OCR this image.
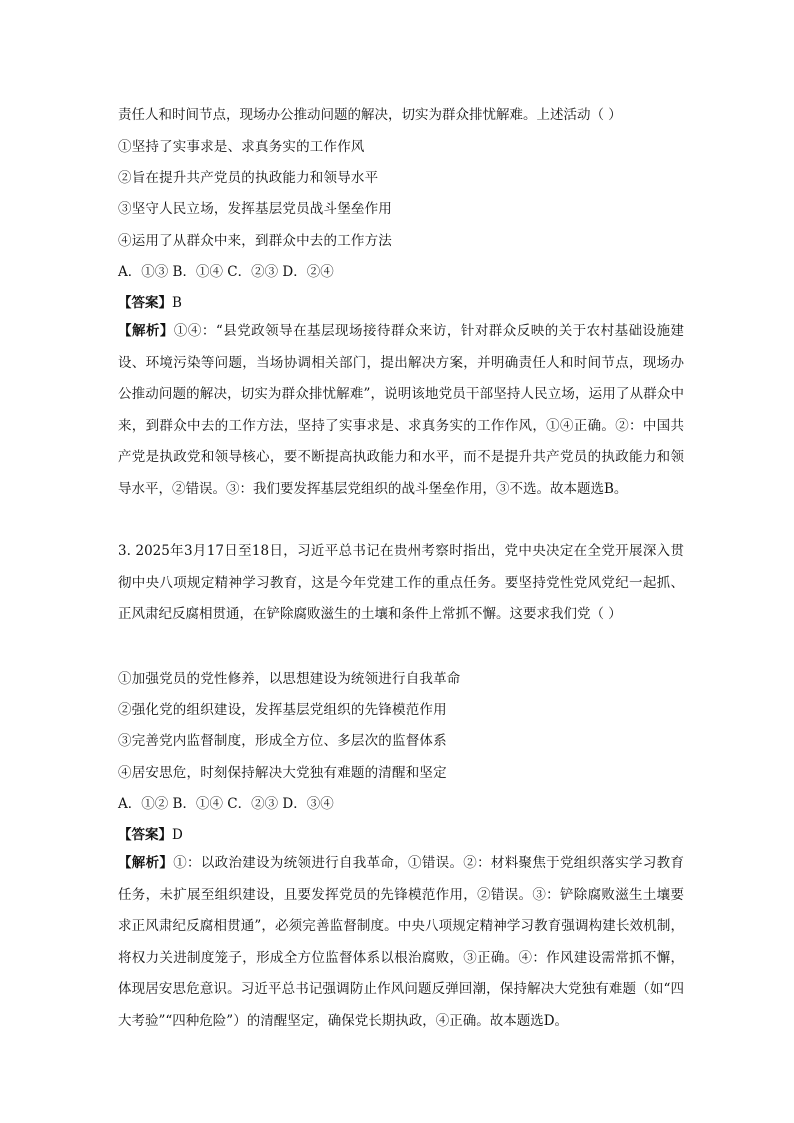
责任人和时间节点，现场办公推动问题的解决，切实为群众排忧解难。上述活动（ ）
①坚持了实事求是、求真务实的工作作风
②旨在提升共产党员的执政能力和领导水平
③坚守人民立场，发挥基层党员战斗堡垒作用
④运用了从群众中来，到群众中去的工作方法
A．①③ B．①④ C．②③ D．②④
【答案】B
【解析】①④：“县党政领导在基层现场接待群众来访，针对群众反映的关于农村基础设施建设、环境污染等问题，当场协调相关部门，提出解决方案，并明确责任人和时间节点，现场办公推动问题的解决，切实为群众排忧解难”，说明该地党员干部坚持人民立场，运用了从群众中来，到群众中去的工作方法，坚持了实事求是、求真务实的工作作风，①④正确。②：中国共产党是执政党和领导核心，要不断提高执政能力和水平，而不是提升共产党员的执政能力和领导水平，②错误。③：我们要发挥基层党组织的战斗堡垒作用，③不选。故本题选B。
3. 2025年3月17日至18日，习近平总书记在贵州考察时指出，党中央决定在全党开展深入贯彻中央八项规定精神学习教育，这是今年党建工作的重点任务。要坚持党性党风党纪一起抓、正风肃纪反腐相贯通，在铲除腐败滋生的土壤和条件上常抓不懈。这要求我们党（ ）
①加强党员的党性修养，以思想建设为统领进行自我革命
②强化党的组织建设，发挥基层党组织的先锋模范作用
③完善党内监督制度，形成全方位、多层次的监督体系
④居安思危，时刻保持解决大党独有难题的清醒和坚定
A．①② B．①④ C．②③ D．③④
【答案】D
【解析】①：以政治建设为统领进行自我革命，①错误。②：材料聚焦于党组织落实学习教育任务，未扩展至组织建设，且要发挥党员的先锋模范作用，②错误。③：铲除腐败滋生土壤要求正风肃纪反腐相贯通”，必须完善监督制度。中央八项规定精神学习教育强调构建长效机制，将权力关进制度笼子，形成全方位监督体系以根治腐败，③正确。④：作风建设需常抓不懈，体现居安思危意识。习近平总书记强调防止作风问题反弹回潮，保持解决大党独有难题（如“四大考验”“四种危险”）的清醒坚定，确保党长期执政，④正确。故本题选D。
